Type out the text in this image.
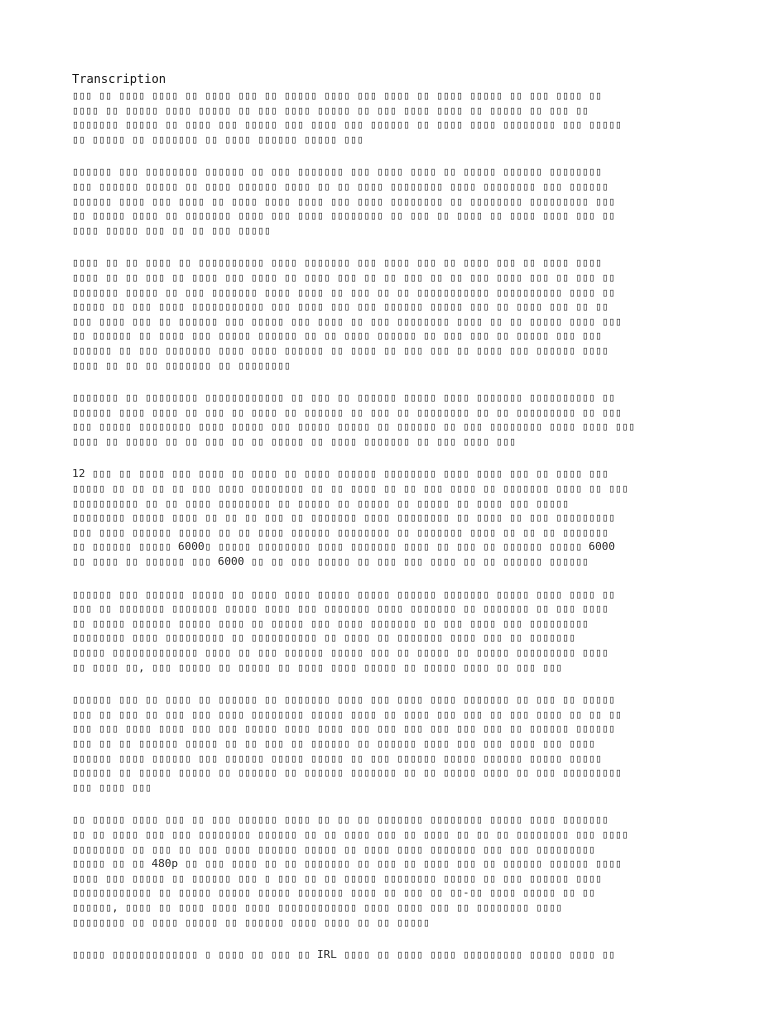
Transcription
▯▯▯ ▯▯ ▯▯▯▯ ▯▯▯▯ ▯▯ ▯▯▯▯ ▯▯▯ ▯▯ ▯▯▯▯▯ ▯▯▯▯ ▯▯▯ ▯▯▯▯ ▯▯ ▯▯▯▯ ▯▯▯▯▯ ▯▯ ▯▯▯ ▯▯▯▯ ▯▯
▯▯▯▯ ▯▯ ▯▯▯▯▯ ▯▯▯▯ ▯▯▯▯▯ ▯▯ ▯▯▯ ▯▯▯▯ ▯▯▯▯▯ ▯▯ ▯▯▯ ▯▯▯▯ ▯▯▯▯ ▯▯ ▯▯▯▯▯ ▯▯ ▯▯▯ ▯▯
▯▯▯▯▯▯▯ ▯▯▯▯▯ ▯▯ ▯▯▯▯ ▯▯▯ ▯▯▯▯▯ ▯▯▯ ▯▯▯▯ ▯▯▯ ▯▯▯▯▯▯ ▯▯ ▯▯▯▯ ▯▯▯▯ ▯▯▯▯▯▯▯▯ ▯▯▯ ▯▯▯▯▯
▯▯ ▯▯▯▯▯ ▯▯ ▯▯▯▯▯▯▯ ▯▯ ▯▯▯▯ ▯▯▯▯▯▯ ▯▯▯▯▯ ▯▯▯
▯▯▯▯▯▯ ▯▯▯ ▯▯▯▯▯▯▯▯ ▯▯▯▯▯▯ ▯▯ ▯▯▯ ▯▯▯▯▯▯▯ ▯▯▯ ▯▯▯▯ ▯▯▯▯ ▯▯ ▯▯▯▯▯ ▯▯▯▯▯▯ ▯▯▯▯▯▯▯▯
▯▯▯ ▯▯▯▯▯▯ ▯▯▯▯▯ ▯▯ ▯▯▯▯ ▯▯▯▯▯▯ ▯▯▯▯ ▯▯ ▯▯ ▯▯▯▯ ▯▯▯▯▯▯▯▯ ▯▯▯▯ ▯▯▯▯▯▯▯▯ ▯▯▯ ▯▯▯▯▯▯
▯▯▯▯▯▯ ▯▯▯▯ ▯▯▯ ▯▯▯▯ ▯▯ ▯▯▯▯ ▯▯▯▯ ▯▯▯▯ ▯▯▯ ▯▯▯▯ ▯▯▯▯▯▯▯▯ ▯▯ ▯▯▯▯▯▯▯▯ ▯▯▯▯▯▯▯▯▯ ▯▯▯
▯▯ ▯▯▯▯▯ ▯▯▯▯ ▯▯ ▯▯▯▯▯▯▯ ▯▯▯▯ ▯▯▯ ▯▯▯▯ ▯▯▯▯▯▯▯▯ ▯▯ ▯▯▯ ▯▯ ▯▯▯▯ ▯▯ ▯▯▯▯ ▯▯▯▯ ▯▯▯ ▯▯
▯▯▯▯ ▯▯▯▯▯ ▯▯▯ ▯▯ ▯▯ ▯▯▯ ▯▯▯▯▯
▯▯▯▯ ▯▯ ▯▯ ▯▯▯▯ ▯▯ ▯▯▯▯▯▯▯▯▯▯ ▯▯▯▯ ▯▯▯▯▯▯▯ ▯▯▯ ▯▯▯▯ ▯▯▯ ▯▯ ▯▯▯▯ ▯▯▯ ▯▯ ▯▯▯▯ ▯▯▯▯
▯▯▯▯ ▯▯ ▯▯ ▯▯▯ ▯▯ ▯▯▯▯ ▯▯▯ ▯▯▯▯ ▯▯ ▯▯▯▯ ▯▯▯ ▯▯ ▯▯ ▯▯▯ ▯▯ ▯▯ ▯▯▯ ▯▯▯▯ ▯▯▯ ▯▯ ▯▯▯ ▯▯
▯▯▯▯▯▯▯ ▯▯▯▯▯ ▯▯ ▯▯▯ ▯▯▯▯▯▯▯ ▯▯▯▯ ▯▯▯▯ ▯▯ ▯▯▯ ▯▯ ▯▯ ▯▯▯▯▯▯▯▯▯▯▯ ▯▯▯▯▯▯▯▯▯▯ ▯▯▯▯ ▯▯
▯▯▯▯▯ ▯▯ ▯▯▯ ▯▯▯▯ ▯▯▯▯▯▯▯▯▯▯▯ ▯▯▯ ▯▯▯▯ ▯▯▯ ▯▯▯ ▯▯▯▯▯▯ ▯▯▯▯▯ ▯▯▯ ▯▯ ▯▯▯▯ ▯▯▯ ▯▯ ▯▯
▯▯▯ ▯▯▯▯ ▯▯▯ ▯▯ ▯▯▯▯▯▯ ▯▯▯ ▯▯▯▯▯ ▯▯▯ ▯▯▯▯ ▯▯ ▯▯▯ ▯▯▯▯▯▯▯▯ ▯▯▯▯ ▯▯ ▯▯ ▯▯▯▯▯ ▯▯▯▯ ▯▯▯
▯▯ ▯▯▯▯▯▯ ▯▯ ▯▯▯▯ ▯▯▯ ▯▯▯▯▯ ▯▯▯▯▯▯ ▯▯ ▯▯ ▯▯▯▯ ▯▯▯▯▯▯ ▯▯ ▯▯▯ ▯▯▯ ▯▯ ▯▯▯▯▯ ▯▯▯ ▯▯▯
▯▯▯▯▯▯ ▯▯ ▯▯▯ ▯▯▯▯▯▯▯ ▯▯▯▯ ▯▯▯▯ ▯▯▯▯▯▯ ▯▯ ▯▯▯▯ ▯▯ ▯▯▯ ▯▯▯ ▯▯ ▯▯▯▯ ▯▯▯ ▯▯▯▯▯▯ ▯▯▯▯
▯▯▯▯ ▯▯ ▯▯ ▯▯ ▯▯▯▯▯▯▯ ▯▯ ▯▯▯▯▯▯▯▯
▯▯▯▯▯▯▯ ▯▯ ▯▯▯▯▯▯▯▯ ▯▯▯▯▯▯▯▯▯▯▯▯ ▯▯ ▯▯▯ ▯▯ ▯▯▯▯▯▯ ▯▯▯▯▯ ▯▯▯▯ ▯▯▯▯▯▯▯ ▯▯▯▯▯▯▯▯▯▯ ▯▯
▯▯▯▯▯▯ ▯▯▯▯ ▯▯▯▯ ▯▯ ▯▯▯ ▯▯ ▯▯▯▯ ▯▯ ▯▯▯▯▯▯ ▯▯ ▯▯▯ ▯▯ ▯▯▯▯▯▯▯▯ ▯▯ ▯▯ ▯▯▯▯▯▯▯▯▯ ▯▯ ▯▯▯
▯▯▯ ▯▯▯▯▯ ▯▯▯▯▯▯▯▯ ▯▯▯▯ ▯▯▯▯▯ ▯▯▯ ▯▯▯▯▯ ▯▯▯▯▯ ▯▯ ▯▯▯▯▯▯ ▯▯ ▯▯▯ ▯▯▯▯▯▯▯▯ ▯▯▯▯ ▯▯▯▯ ▯▯▯
▯▯▯▯ ▯▯ ▯▯▯▯▯ ▯▯ ▯▯ ▯▯▯ ▯▯ ▯▯ ▯▯▯▯▯ ▯▯ ▯▯▯▯ ▯▯▯▯▯▯▯ ▯▯ ▯▯▯ ▯▯▯▯ ▯▯▯
12 ▯▯▯ ▯▯ ▯▯▯▯ ▯▯▯ ▯▯▯▯ ▯▯ ▯▯▯▯ ▯▯ ▯▯▯▯ ▯▯▯▯▯▯ ▯▯▯▯▯▯▯▯ ▯▯▯▯ ▯▯▯▯ ▯▯▯ ▯▯ ▯▯▯▯ ▯▯▯
▯▯▯▯▯ ▯▯ ▯▯ ▯▯ ▯▯ ▯▯▯ ▯▯▯▯ ▯▯▯▯▯▯▯▯ ▯▯ ▯▯ ▯▯▯▯ ▯▯ ▯▯ ▯▯▯ ▯▯▯▯ ▯▯ ▯▯▯▯▯▯▯ ▯▯▯▯ ▯▯ ▯▯▯
▯▯▯▯▯▯▯▯▯▯ ▯▯ ▯▯ ▯▯▯▯ ▯▯▯▯▯▯▯▯ ▯▯ ▯▯▯▯▯ ▯▯ ▯▯▯▯▯ ▯▯ ▯▯▯▯▯ ▯▯ ▯▯▯▯ ▯▯▯ ▯▯▯▯▯
▯▯▯▯▯▯▯▯ ▯▯▯▯▯ ▯▯▯▯ ▯▯ ▯▯ ▯▯ ▯▯▯ ▯▯ ▯▯▯▯▯▯▯ ▯▯▯▯ ▯▯▯▯▯▯▯▯ ▯▯ ▯▯▯▯ ▯▯ ▯▯▯ ▯▯▯▯▯▯▯▯▯
▯▯▯ ▯▯▯▯ ▯▯▯▯▯▯ ▯▯▯▯▯ ▯▯ ▯▯ ▯▯▯▯ ▯▯▯▯▯▯ ▯▯▯▯▯▯▯▯ ▯▯ ▯▯▯▯▯▯▯ ▯▯▯▯ ▯▯ ▯▯ ▯▯ ▯▯▯▯▯▯▯
▯▯ ▯▯▯▯▯▯ ▯▯▯▯▯ 6000▯ ▯▯▯▯▯ ▯▯▯▯▯▯▯▯ ▯▯▯▯ ▯▯▯▯▯▯▯ ▯▯▯▯ ▯▯ ▯▯▯ ▯▯ ▯▯▯▯▯▯ ▯▯▯▯▯ 6000
▯▯ ▯▯▯▯ ▯▯ ▯▯▯▯▯▯ ▯▯▯ 6000 ▯▯ ▯▯ ▯▯▯ ▯▯▯▯▯ ▯▯ ▯▯▯ ▯▯▯ ▯▯▯▯ ▯▯ ▯▯ ▯▯▯▯▯▯ ▯▯▯▯▯▯
▯▯▯▯▯▯ ▯▯▯ ▯▯▯▯▯▯ ▯▯▯▯▯ ▯▯ ▯▯▯▯ ▯▯▯▯ ▯▯▯▯▯ ▯▯▯▯▯ ▯▯▯▯▯▯ ▯▯▯▯▯▯▯ ▯▯▯▯▯ ▯▯▯▯ ▯▯▯▯ ▯▯
▯▯▯ ▯▯ ▯▯▯▯▯▯▯ ▯▯▯▯▯▯▯ ▯▯▯▯▯ ▯▯▯▯ ▯▯▯ ▯▯▯▯▯▯▯ ▯▯▯▯ ▯▯▯▯▯▯▯ ▯▯ ▯▯▯▯▯▯▯ ▯▯ ▯▯▯ ▯▯▯▯
▯▯ ▯▯▯▯▯ ▯▯▯▯▯▯ ▯▯▯▯▯ ▯▯▯▯ ▯▯ ▯▯▯▯▯ ▯▯▯ ▯▯▯▯ ▯▯▯▯▯▯▯ ▯▯ ▯▯▯ ▯▯▯▯ ▯▯▯ ▯▯▯▯▯▯▯▯▯
▯▯▯▯▯▯▯▯ ▯▯▯▯ ▯▯▯▯▯▯▯▯▯ ▯▯ ▯▯▯▯▯▯▯▯▯▯ ▯▯ ▯▯▯▯ ▯▯ ▯▯▯▯▯▯▯ ▯▯▯▯ ▯▯▯ ▯▯ ▯▯▯▯▯▯▯
▯▯▯▯▯ ▯▯▯▯▯▯▯▯▯▯▯▯▯ ▯▯▯▯ ▯▯ ▯▯▯ ▯▯▯▯▯▯ ▯▯▯▯▯ ▯▯▯ ▯▯ ▯▯▯▯▯ ▯▯ ▯▯▯▯▯ ▯▯▯▯▯▯▯▯▯ ▯▯▯▯
▯▯ ▯▯▯▯ ▯▯, ▯▯▯ ▯▯▯▯▯ ▯▯ ▯▯▯▯▯ ▯▯ ▯▯▯▯ ▯▯▯▯ ▯▯▯▯▯ ▯▯ ▯▯▯▯▯ ▯▯▯▯ ▯▯ ▯▯▯ ▯▯▯
▯▯▯▯▯▯ ▯▯▯ ▯▯ ▯▯▯▯ ▯▯ ▯▯▯▯▯▯ ▯▯ ▯▯▯▯▯▯▯ ▯▯▯▯ ▯▯▯ ▯▯▯▯ ▯▯▯▯ ▯▯▯▯▯▯▯ ▯▯ ▯▯▯ ▯▯ ▯▯▯▯▯
▯▯▯ ▯▯ ▯▯▯ ▯▯ ▯▯▯ ▯▯▯ ▯▯▯▯ ▯▯▯▯▯▯▯▯ ▯▯▯▯▯ ▯▯▯▯ ▯▯ ▯▯▯▯ ▯▯▯ ▯▯▯ ▯▯ ▯▯▯ ▯▯▯▯ ▯▯ ▯▯ ▯▯
▯▯▯ ▯▯▯ ▯▯▯▯ ▯▯▯▯ ▯▯▯ ▯▯▯ ▯▯▯▯▯ ▯▯▯▯ ▯▯▯▯ ▯▯▯ ▯▯▯ ▯▯▯ ▯▯▯ ▯▯▯ ▯▯▯ ▯▯ ▯▯▯▯▯▯ ▯▯▯▯▯▯
▯▯▯ ▯▯ ▯▯ ▯▯▯▯▯▯ ▯▯▯▯▯ ▯▯ ▯▯ ▯▯▯ ▯▯ ▯▯▯▯▯▯ ▯▯ ▯▯▯▯▯▯ ▯▯▯▯ ▯▯▯ ▯▯▯ ▯▯▯▯ ▯▯▯ ▯▯▯▯
▯▯▯▯▯▯ ▯▯▯▯ ▯▯▯▯▯▯ ▯▯▯ ▯▯▯▯▯▯ ▯▯▯▯▯ ▯▯▯▯▯ ▯▯ ▯▯▯ ▯▯▯▯▯▯ ▯▯▯▯▯ ▯▯▯▯▯▯ ▯▯▯▯▯ ▯▯▯▯▯
▯▯▯▯▯▯ ▯▯ ▯▯▯▯▯ ▯▯▯▯▯ ▯▯ ▯▯▯▯▯▯ ▯▯ ▯▯▯▯▯▯ ▯▯▯▯▯▯▯ ▯▯ ▯▯ ▯▯▯▯▯ ▯▯▯▯ ▯▯ ▯▯▯ ▯▯▯▯▯▯▯▯▯
▯▯▯ ▯▯▯▯ ▯▯▯
▯▯ ▯▯▯▯▯ ▯▯▯▯ ▯▯▯ ▯▯ ▯▯▯ ▯▯▯▯▯▯ ▯▯▯▯ ▯▯ ▯▯ ▯▯ ▯▯▯▯▯▯▯ ▯▯▯▯▯▯▯▯ ▯▯▯▯▯ ▯▯▯▯ ▯▯▯▯▯▯▯
▯▯ ▯▯ ▯▯▯▯ ▯▯▯ ▯▯▯ ▯▯▯▯▯▯▯▯ ▯▯▯▯▯▯ ▯▯ ▯▯ ▯▯▯▯ ▯▯▯ ▯▯ ▯▯▯▯ ▯▯ ▯▯ ▯▯ ▯▯▯▯▯▯▯▯ ▯▯▯ ▯▯▯▯
▯▯▯▯▯▯▯▯ ▯▯ ▯▯▯ ▯▯ ▯▯▯ ▯▯▯▯ ▯▯▯▯▯▯ ▯▯▯▯▯ ▯▯ ▯▯▯▯ ▯▯▯▯ ▯▯▯▯▯▯▯ ▯▯▯ ▯▯▯ ▯▯▯▯▯▯▯▯▯
▯▯▯▯▯ ▯▯ ▯▯ 480p ▯▯ ▯▯▯ ▯▯▯▯ ▯▯ ▯▯ ▯▯▯▯▯▯▯ ▯▯ ▯▯▯ ▯▯ ▯▯▯▯ ▯▯▯ ▯▯ ▯▯▯▯▯▯ ▯▯▯▯▯▯ ▯▯▯▯
▯▯▯▯ ▯▯▯ ▯▯▯▯▯ ▯▯ ▯▯▯▯▯▯ ▯▯▯ ▯ ▯▯▯ ▯▯ ▯▯ ▯▯▯▯▯ ▯▯▯▯▯▯▯▯ ▯▯▯▯▯ ▯▯ ▯▯▯ ▯▯▯▯▯▯ ▯▯▯▯
▯▯▯▯▯▯▯▯▯▯▯▯ ▯▯ ▯▯▯▯▯ ▯▯▯▯▯ ▯▯▯▯▯ ▯▯▯▯▯▯▯ ▯▯▯▯ ▯▯ ▯▯▯ ▯▯ ▯▯-▯▯ ▯▯▯▯ ▯▯▯▯▯ ▯▯ ▯▯
▯▯▯▯▯▯, ▯▯▯▯ ▯▯ ▯▯▯▯ ▯▯▯▯ ▯▯▯▯ ▯▯▯▯▯▯▯▯▯▯▯▯ ▯▯▯▯ ▯▯▯▯ ▯▯▯ ▯▯ ▯▯▯▯▯▯▯▯ ▯▯▯▯
▯▯▯▯▯▯▯▯ ▯▯ ▯▯▯▯ ▯▯▯▯▯ ▯▯ ▯▯▯▯▯▯ ▯▯▯▯ ▯▯▯▯ ▯▯ ▯▯ ▯▯▯▯▯
▯▯▯▯▯ ▯▯▯▯▯▯▯▯▯▯▯▯▯ ▯ ▯▯▯▯ ▯▯ ▯▯▯ ▯▯ IRL ▯▯▯▯ ▯▯ ▯▯▯▯ ▯▯▯▯ ▯▯▯▯▯▯▯▯▯ ▯▯▯▯▯ ▯▯▯▯ ▯▯
